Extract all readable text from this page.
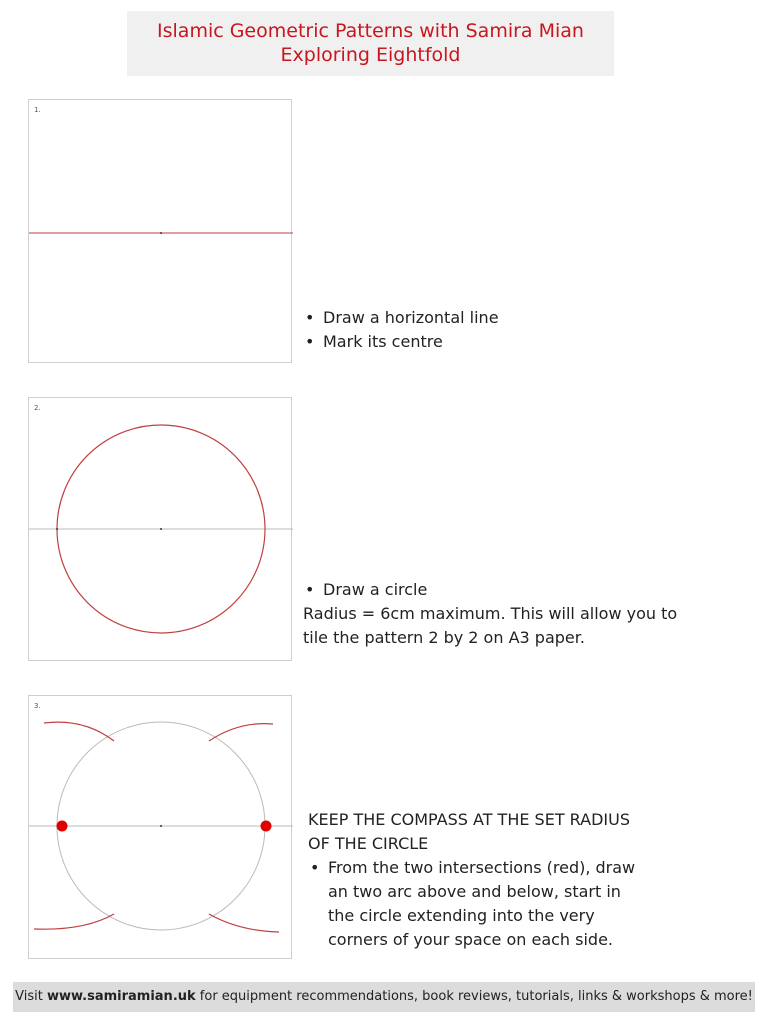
Islamic Geometric Patterns with Samira Mian
Exploring Eightfold
1.
• Draw a horizontal line
• Mark its centre
2.
• Draw a circle
Radius = 6cm maximum. This will allow you to
tile the pattern 2 by 2 on A3 paper.
3.
KEEP THE COMPASS AT THE SET RADIUS
OF THE CIRCLE
• From the two intersections (red), draw
an two arc above and below, start in
the circle extending into the very
corners of your space on each side.
Visit www.samiramian.uk for equipment recommendations, book reviews, tutorials, links & workshops & more!
